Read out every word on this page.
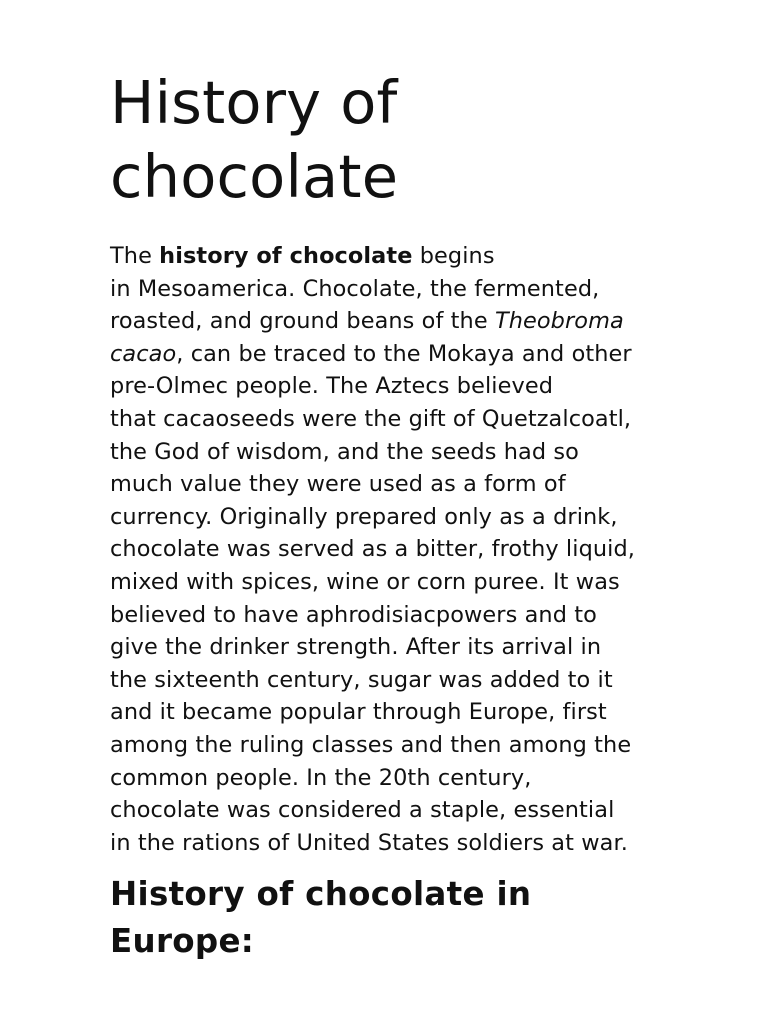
History of
chocolate

The history of chocolate begins
in Mesoamerica. Chocolate, the fermented,
roasted, and ground beans of the Theobroma
cacao, can be traced to the Mokaya and other
pre-Olmec people. The Aztecs believed
that cacaoseeds were the gift of Quetzalcoatl,
the God of wisdom, and the seeds had so
much value they were used as a form of
currency. Originally prepared only as a drink,
chocolate was served as a bitter, frothy liquid,
mixed with spices, wine or corn puree. It was
believed to have aphrodisiacpowers and to
give the drinker strength. After its arrival in
the sixteenth century, sugar was added to it
and it became popular through Europe, first
among the ruling classes and then among the
common people. In the 20th century,
chocolate was considered a staple, essential
in the rations of United States soldiers at war.

History of chocolate in
Europe:
